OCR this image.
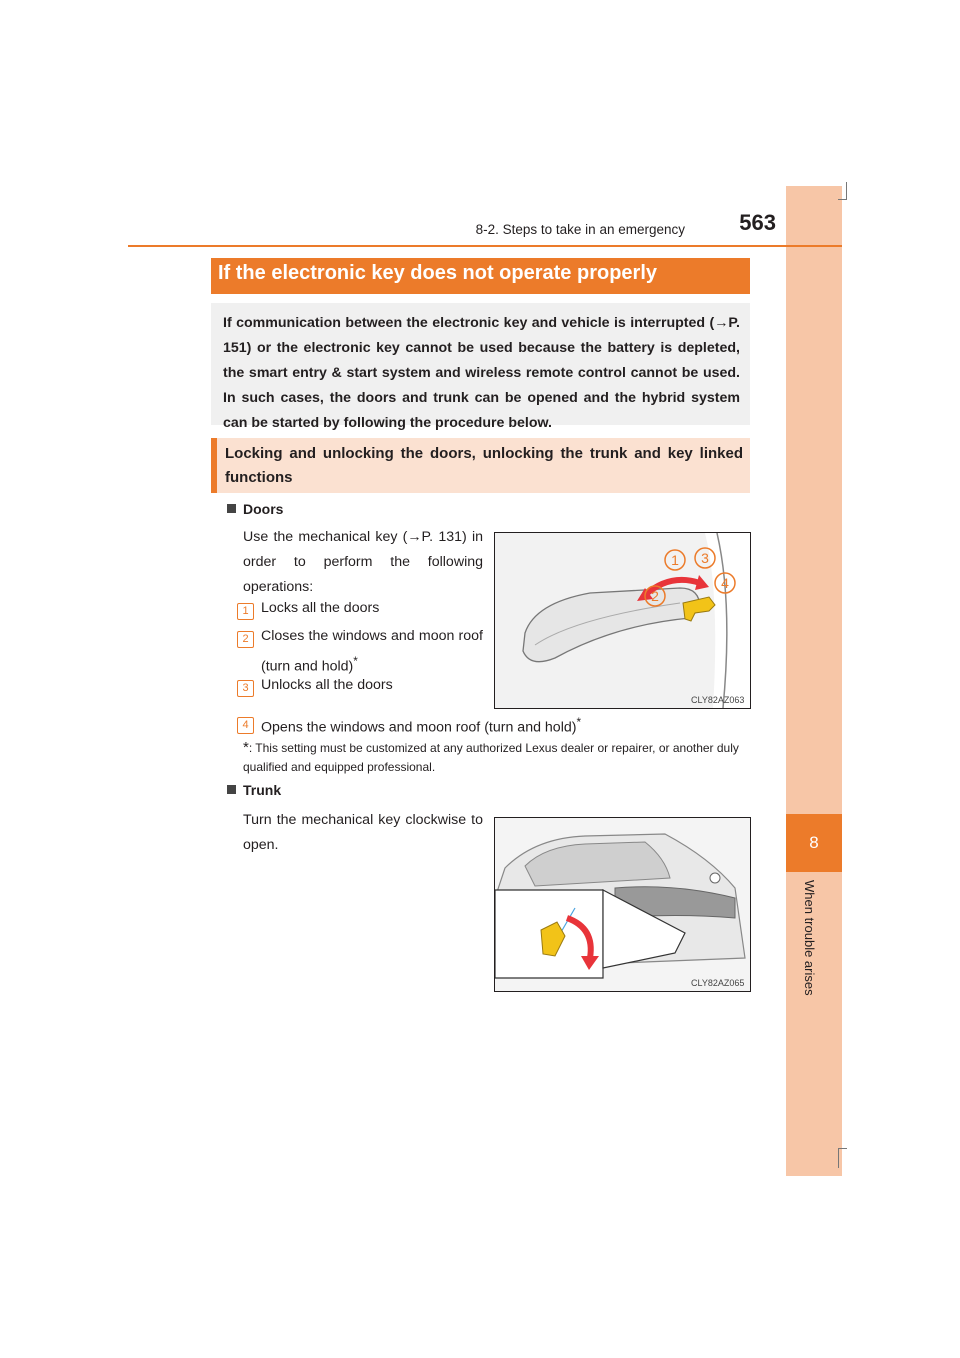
8
When trouble arises
8-2. Steps to take in an emergency	563
If the electronic key does not operate properly
If communication between the electronic key and vehicle is interrupted (→P. 151) or the electronic key cannot be used because the battery is depleted, the smart entry & start system and wireless remote control cannot be used. In such cases, the doors and trunk can be opened and the hybrid system can be started by following the procedure below.
Locking and unlocking the doors, unlocking the trunk and key linked functions
Doors
Use the mechanical key (→P. 131) in order to perform the following operations:
1 Locks all the doors
2 Closes the windows and moon roof (turn and hold)*
3 Unlocks all the doors
4 Opens the windows and moon roof (turn and hold)*
*: This setting must be customized at any authorized Lexus dealer or repairer, or another duly qualified and equipped professional.
1 3
2
4
CLY82AZ063
Trunk
Turn the mechanical key clockwise to open.
CLY82AZ065
